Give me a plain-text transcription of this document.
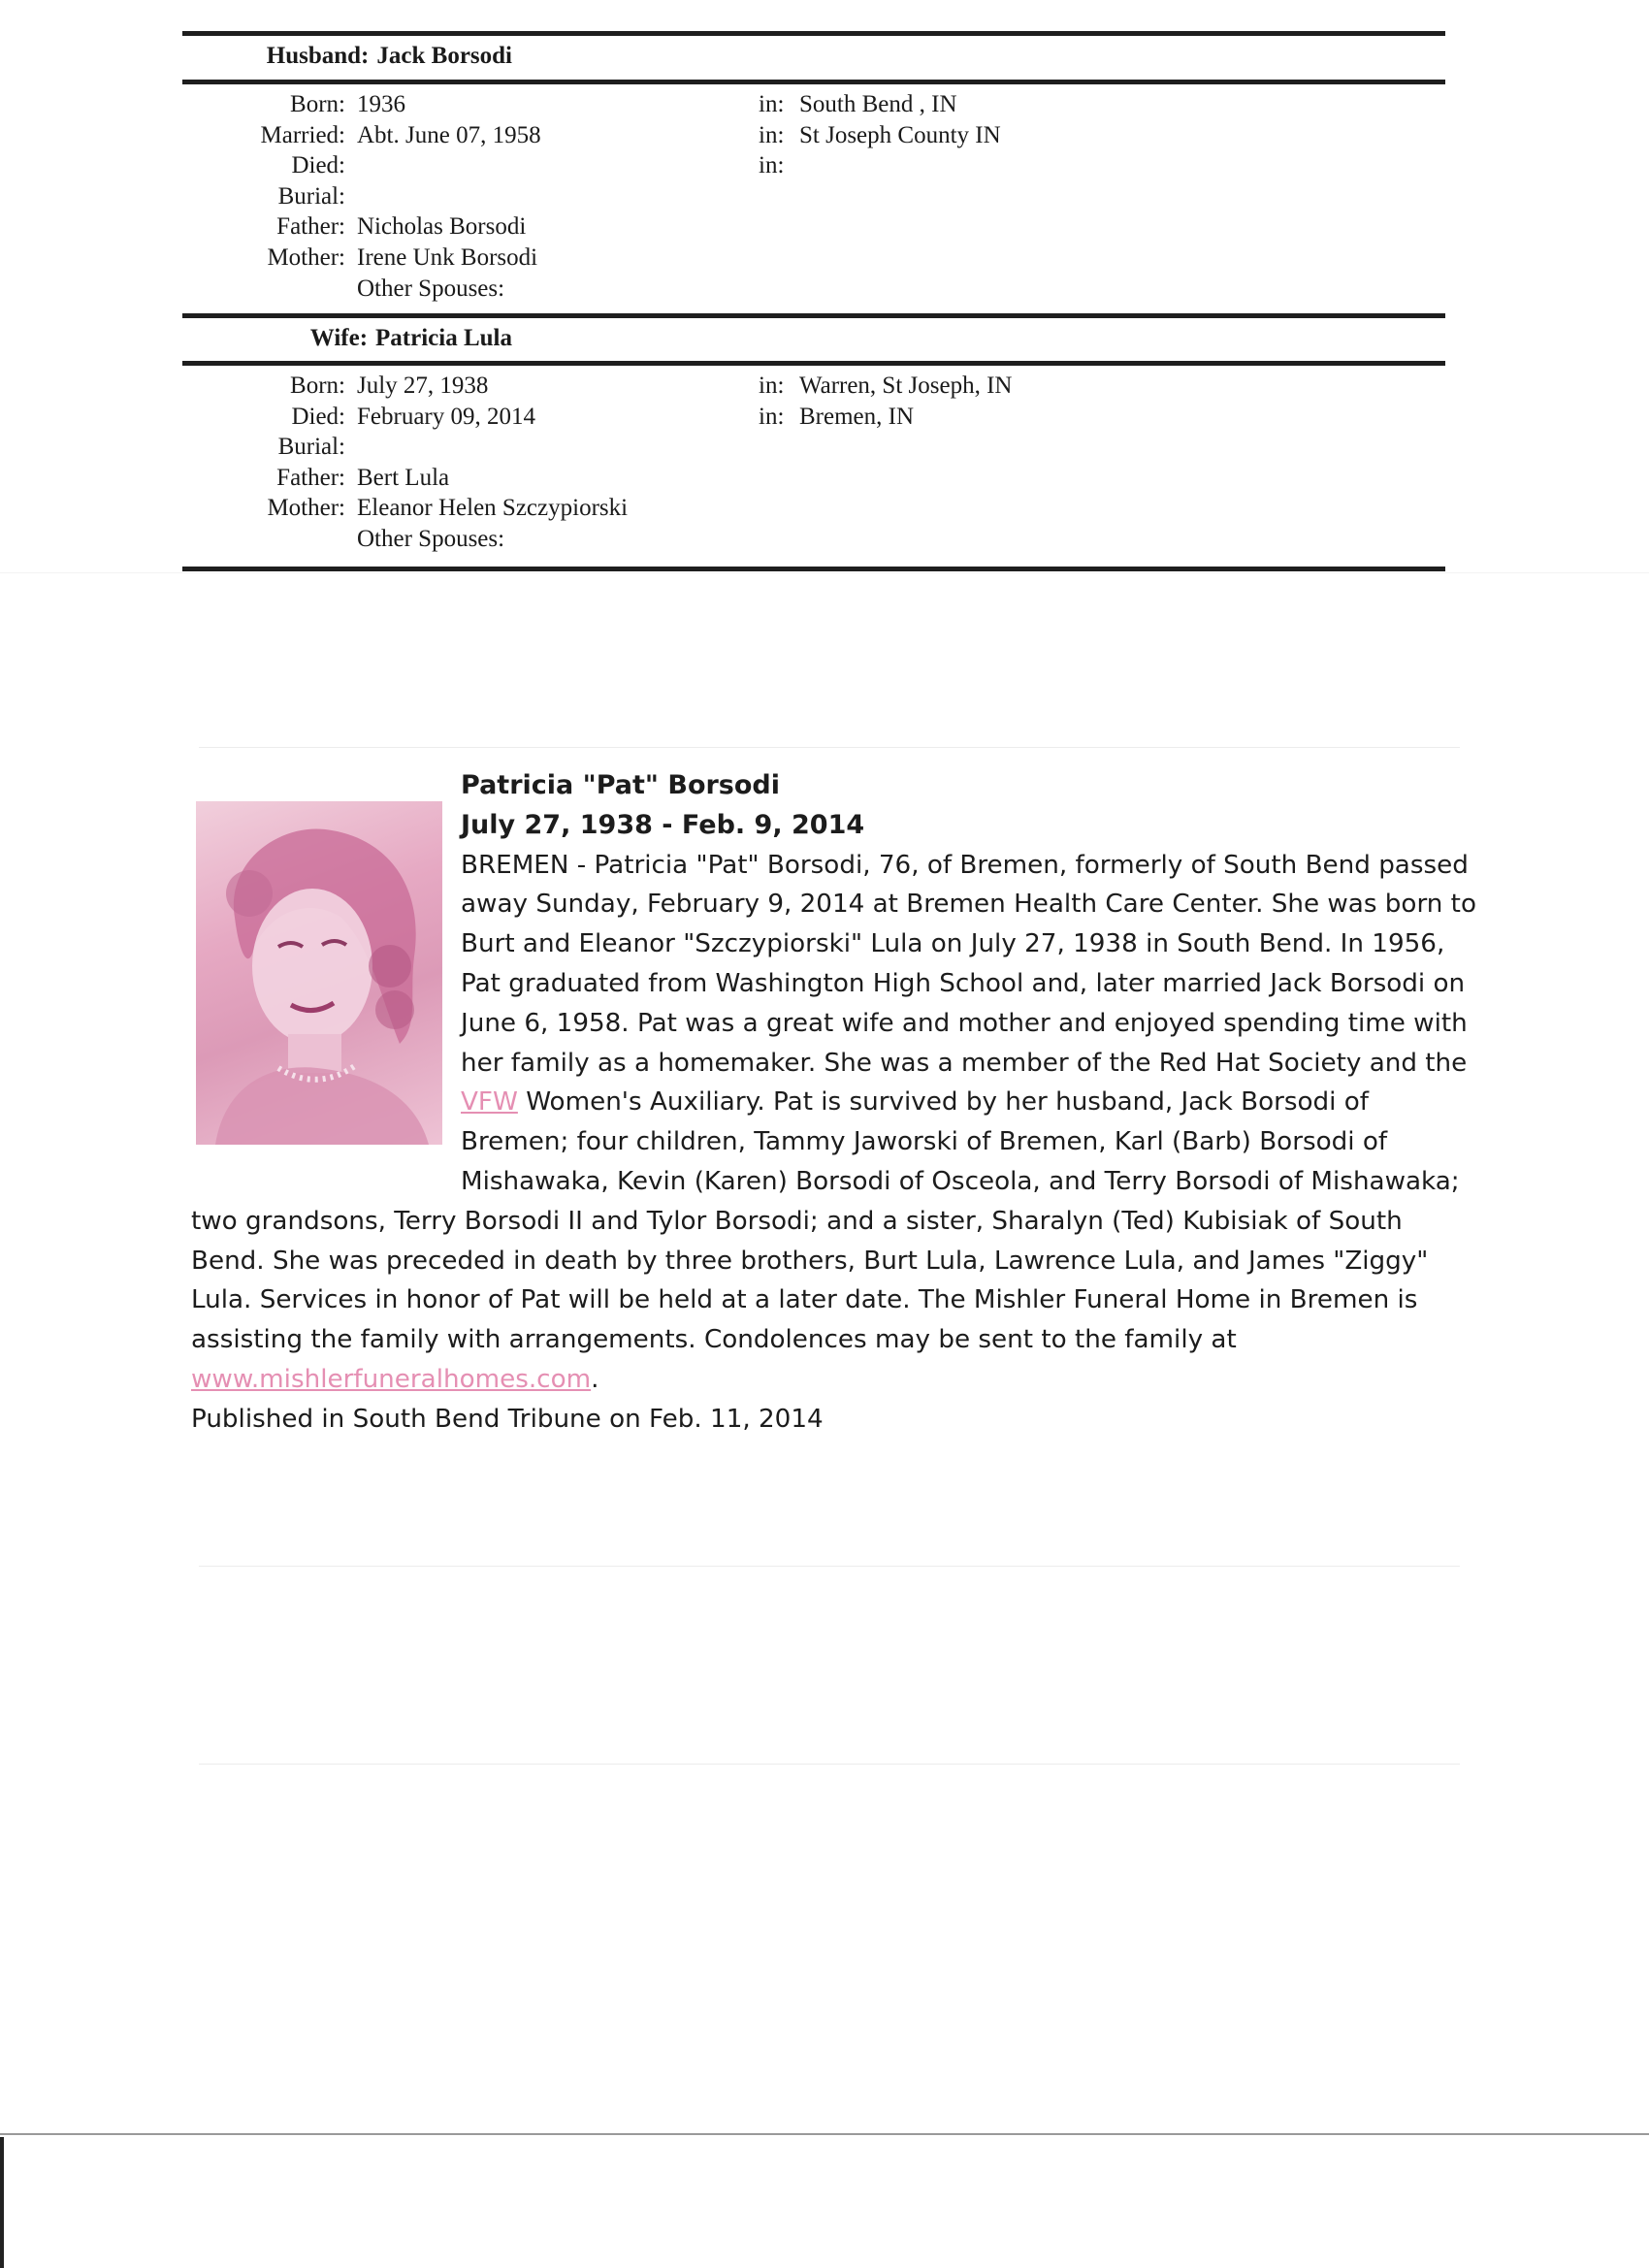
Husband: Jack Borsodi
Born: 1936	in: South Bend , IN
Married: Abt. June 07, 1958	in: St Joseph County IN
Died:	in:
Burial:
Father: Nicholas Borsodi
Mother: Irene Unk Borsodi
Other Spouses:
Wife: Patricia Lula
Born: July 27, 1938	in: Warren, St Joseph, IN
Died: February 09, 2014	in: Bremen, IN
Burial:
Father: Bert Lula
Mother: Eleanor Helen Szczypiorski
Other Spouses:
Patricia "Pat" Borsodi
July 27, 1938 - Feb. 9, 2014
BREMEN - Patricia "Pat" Borsodi, 76, of Bremen, formerly of South Bend passed away Sunday, February 9, 2014 at Bremen Health Care Center. She was born to Burt and Eleanor "Szczypiorski" Lula on July 27, 1938 in South Bend. In 1956, Pat graduated from Washington High School and, later married Jack Borsodi on June 6, 1958. Pat was a great wife and mother and enjoyed spending time with her family as a homemaker. She was a member of the Red Hat Society and the VFW Women's Auxiliary. Pat is survived by her husband, Jack Borsodi of Bremen; four children, Tammy Jaworski of Bremen, Karl (Barb) Borsodi of Mishawaka, Kevin (Karen) Borsodi of Osceola, and Terry Borsodi of Mishawaka; two grandsons, Terry Borsodi II and Tylor Borsodi; and a sister, Sharalyn (Ted) Kubisiak of South Bend. She was preceded in death by three brothers, Burt Lula, Lawrence Lula, and James "Ziggy" Lula. Services in honor of Pat will be held at a later date. The Mishler Funeral Home in Bremen is assisting the family with arrangements. Condolences may be sent to the family at www.mishlerfuneralhomes.com.
Published in South Bend Tribune on Feb. 11, 2014
